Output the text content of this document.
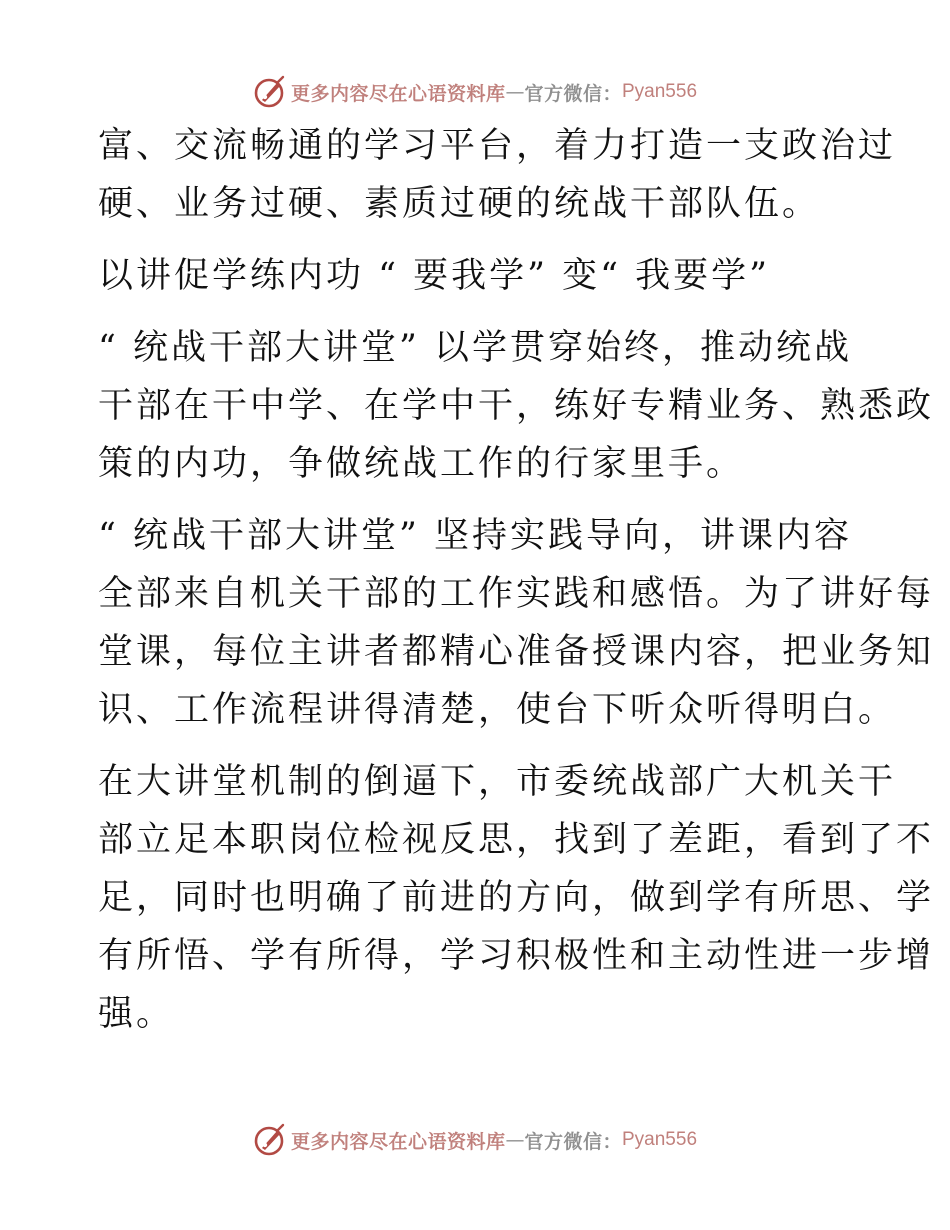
更多内容尽在心语资料库 — 官方微信： Pyan556

富、交流畅通的学习平台，着力打造一支政治过
硬、业务过硬、素质过硬的统战干部队伍。

以讲促学练内功 “ 要我学” 变“ 我要学”

“ 统战干部大讲堂” 以学贯穿始终，推动统战
干部在干中学、在学中干，练好专精业务、熟悉政
策的内功，争做统战工作的行家里手。

“ 统战干部大讲堂” 坚持实践导向，讲课内容
全部来自机关干部的工作实践和感悟。为了讲好每
堂课，每位主讲者都精心准备授课内容，把业务知
识、工作流程讲得清楚，使台下听众听得明白。

在大讲堂机制的倒逼下，市委统战部广大机关干
部立足本职岗位检视反思，找到了差距，看到了不
足，同时也明确了前进的方向，做到学有所思、学
有所悟、学有所得，学习积极性和主动性进一步增
强。

更多内容尽在心语资料库 — 官方微信： Pyan556
